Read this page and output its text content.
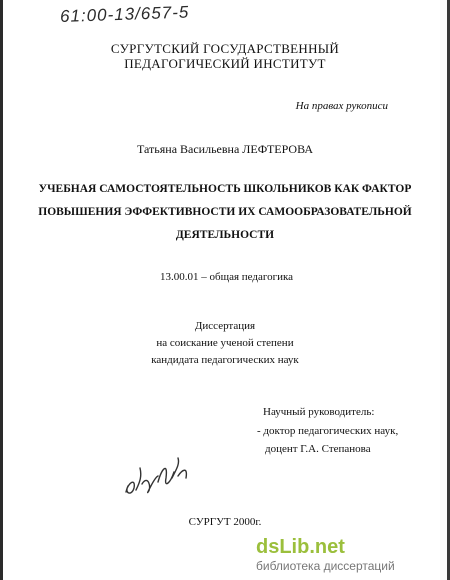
61:00-13/657-5
СУРГУТСКИЙ ГОСУДАРСТВЕННЫЙ
ПЕДАГОГИЧЕСКИЙ ИНСТИТУТ
На правах рукописи
Татьяна Васильевна ЛЕФТЕРОВА
УЧЕБНАЯ САМОСТОЯТЕЛЬНОСТЬ ШКОЛЬНИКОВ КАК ФАКТОР
ПОВЫШЕНИЯ ЭФФЕКТИВНОСТИ ИХ САМООБРАЗОВАТЕЛЬНОЙ
ДЕЯТЕЛЬНОСТИ
13.00.01 – общая педагогика
Диссертация
на соискание ученой степени
кандидата педагогических наук
Научный руководитель:
- доктор педагогических наук,
доцент Г.А. Степанова
СУРГУТ 2000г.
dsLib.net
библиотека диссертаций
